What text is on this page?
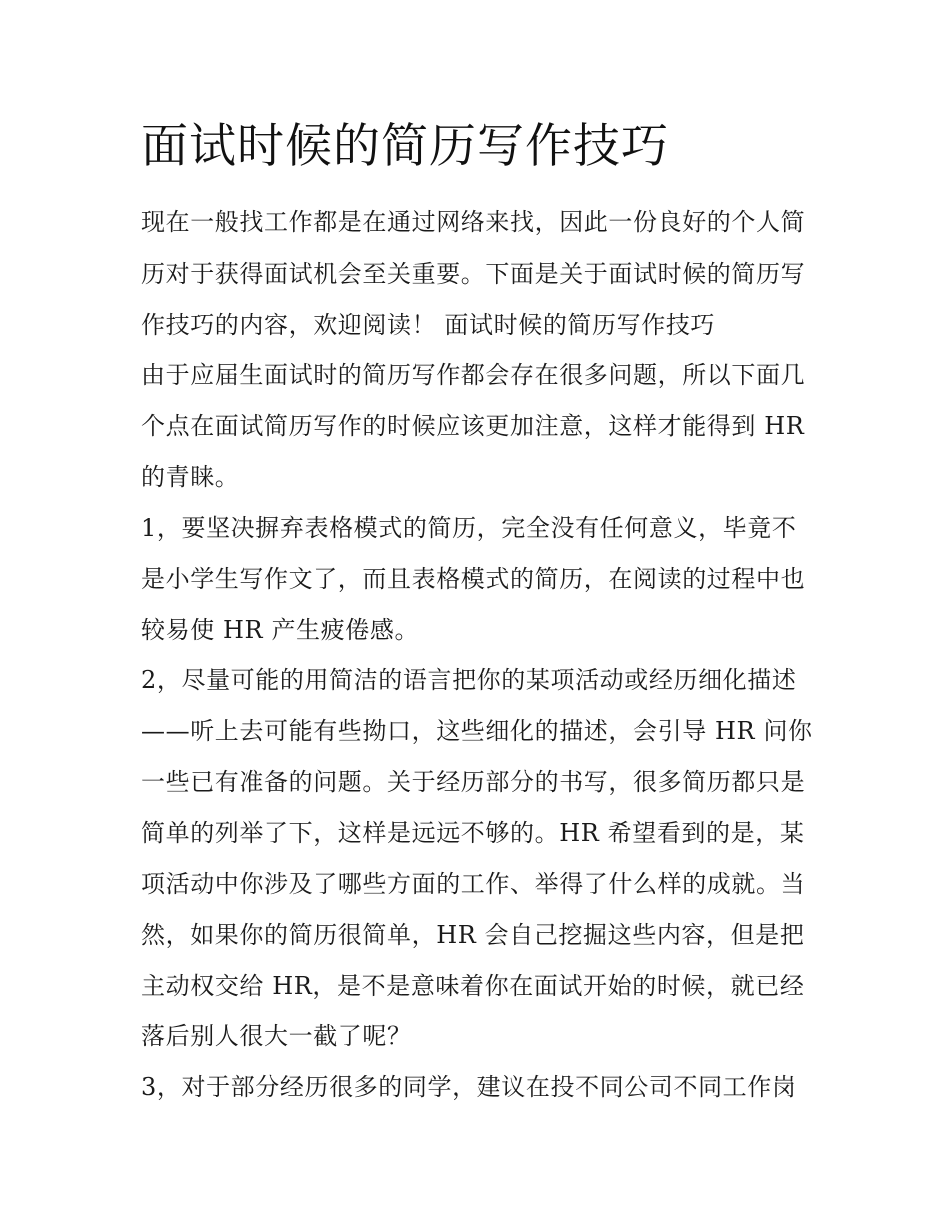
面试时候的简历写作技巧

现在一般找工作都是在通过网络来找，因此一份良好的个人简

历对于获得面试机会至关重要。下面是关于面试时候的简历写

作技巧的内容，欢迎阅读！ 面试时候的简历写作技巧

由于应届生面试时的简历写作都会存在很多问题，所以下面几

个点在面试简历写作的时候应该更加注意，这样才能得到 HR

的青睐。

1，要坚决摒弃表格模式的简历，完全没有任何意义，毕竟不

是小学生写作文了，而且表格模式的简历，在阅读的过程中也

较易使 HR 产生疲倦感。

2，尽量可能的用简洁的语言把你的某项活动或经历细化描述

——听上去可能有些拗口，这些细化的描述，会引导 HR 问你

一些已有准备的问题。关于经历部分的书写，很多简历都只是

简单的列举了下，这样是远远不够的。HR 希望看到的是，某

项活动中你涉及了哪些方面的工作、举得了什么样的成就。当

然，如果你的简历很简单，HR 会自己挖掘这些内容，但是把

主动权交给 HR，是不是意味着你在面试开始的时候，就已经

落后别人很大一截了呢？

3，对于部分经历很多的同学，建议在投不同公司不同工作岗
